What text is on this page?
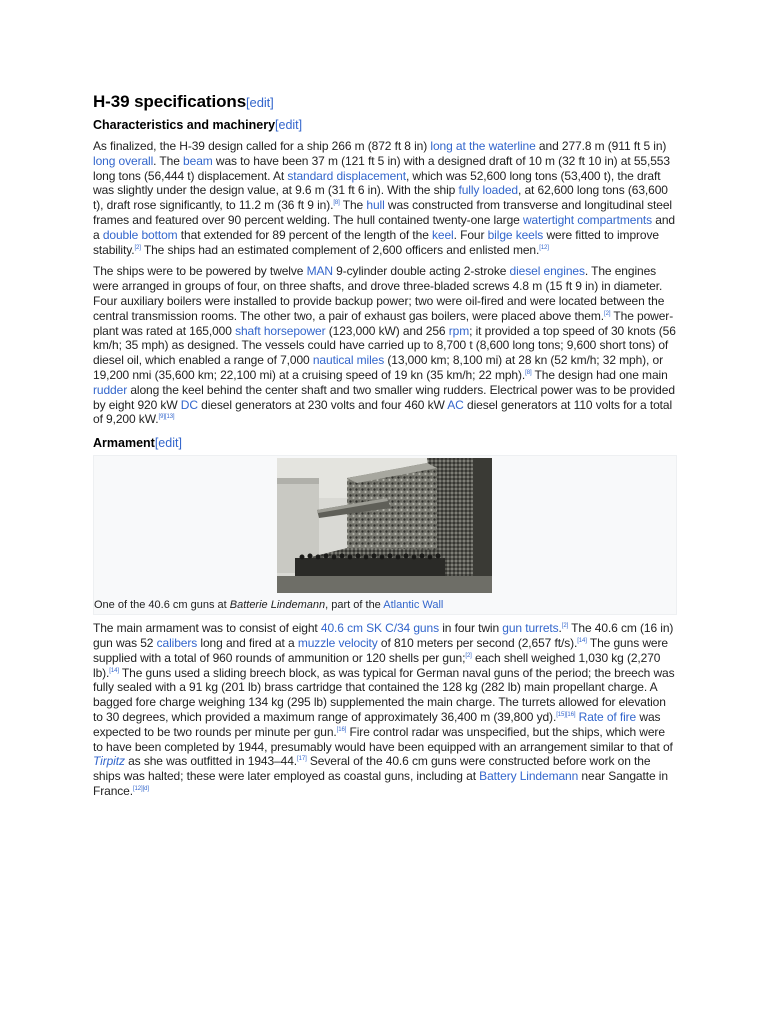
H-39 specifications[edit]
Characteristics and machinery[edit]

As finalized, the H-39 design called for a ship 266 m (872 ft 8 in) long at the waterline and 277.8 m (911 ft 5 in) long overall. The beam was to have been 37 m (121 ft 5 in) with a designed draft of 10 m (32 ft 10 in) at 55,553 long tons (56,444 t) displacement. At standard displacement, which was 52,600 long tons (53,400 t), the draft was slightly under the design value, at 9.6 m (31 ft 6 in). With the ship fully loaded, at 62,600 long tons (63,600 t), draft rose significantly, to 11.2 m (36 ft 9 in).[8] The hull was constructed from transverse and longitudinal steel frames and featured over 90 percent welding. The hull contained twenty-one large watertight compartments and a double bottom that extended for 89 percent of the length of the keel. Four bilge keels were fitted to improve stability.[2] The ships had an estimated complement of 2,600 officers and enlisted men.[12]

The ships were to be powered by twelve MAN 9-cylinder double acting 2-stroke diesel engines. The engines were arranged in groups of four, on three shafts, and drove three-bladed screws 4.8 m (15 ft 9 in) in diameter. Four auxiliary boilers were installed to provide backup power; two were oil-fired and were located between the central transmission rooms. The other two, a pair of exhaust gas boilers, were placed above them.[2] The power-plant was rated at 165,000 shaft horsepower (123,000 kW) and 256 rpm; it provided a top speed of 30 knots (56 km/h; 35 mph) as designed. The vessels could have carried up to 8,700 t (8,600 long tons; 9,600 short tons) of diesel oil, which enabled a range of 7,000 nautical miles (13,000 km; 8,100 mi) at 28 kn (52 km/h; 32 mph), or 19,200 nmi (35,600 km; 22,100 mi) at a cruising speed of 19 kn (35 km/h; 22 mph).[8] The design had one main rudder along the keel behind the center shaft and two smaller wing rudders. Electrical power was to be provided by eight 920 kW DC diesel generators at 230 volts and four 460 kW AC diesel generators at 110 volts for a total of 9,200 kW.[9][13]

Armament[edit]
One of the 40.6 cm guns at Batterie Lindemann, part of the Atlantic Wall

The main armament was to consist of eight 40.6 cm SK C/34 guns in four twin gun turrets.[2] The 40.6 cm (16 in) gun was 52 calibers long and fired at a muzzle velocity of 810 meters per second (2,657 ft/s).[14] The guns were supplied with a total of 960 rounds of ammunition or 120 shells per gun;[2] each shell weighed 1,030 kg (2,270 lb).[14] The guns used a sliding breech block, as was typical for German naval guns of the period; the breech was fully sealed with a 91 kg (201 lb) brass cartridge that contained the 128 kg (282 lb) main propellant charge. A bagged fore charge weighing 134 kg (295 lb) supplemented the main charge. The turrets allowed for elevation to 30 degrees, which provided a maximum range of approximately 36,400 m (39,800 yd).[15][16] Rate of fire was expected to be two rounds per minute per gun.[16] Fire control radar was unspecified, but the ships, which were to have been completed by 1944, presumably would have been equipped with an arrangement similar to that of Tirpitz as she was outfitted in 1943–44.[17] Several of the 40.6 cm guns were constructed before work on the ships was halted; these were later employed as coastal guns, including at Battery Lindemann near Sangatte in France.[12][d]
